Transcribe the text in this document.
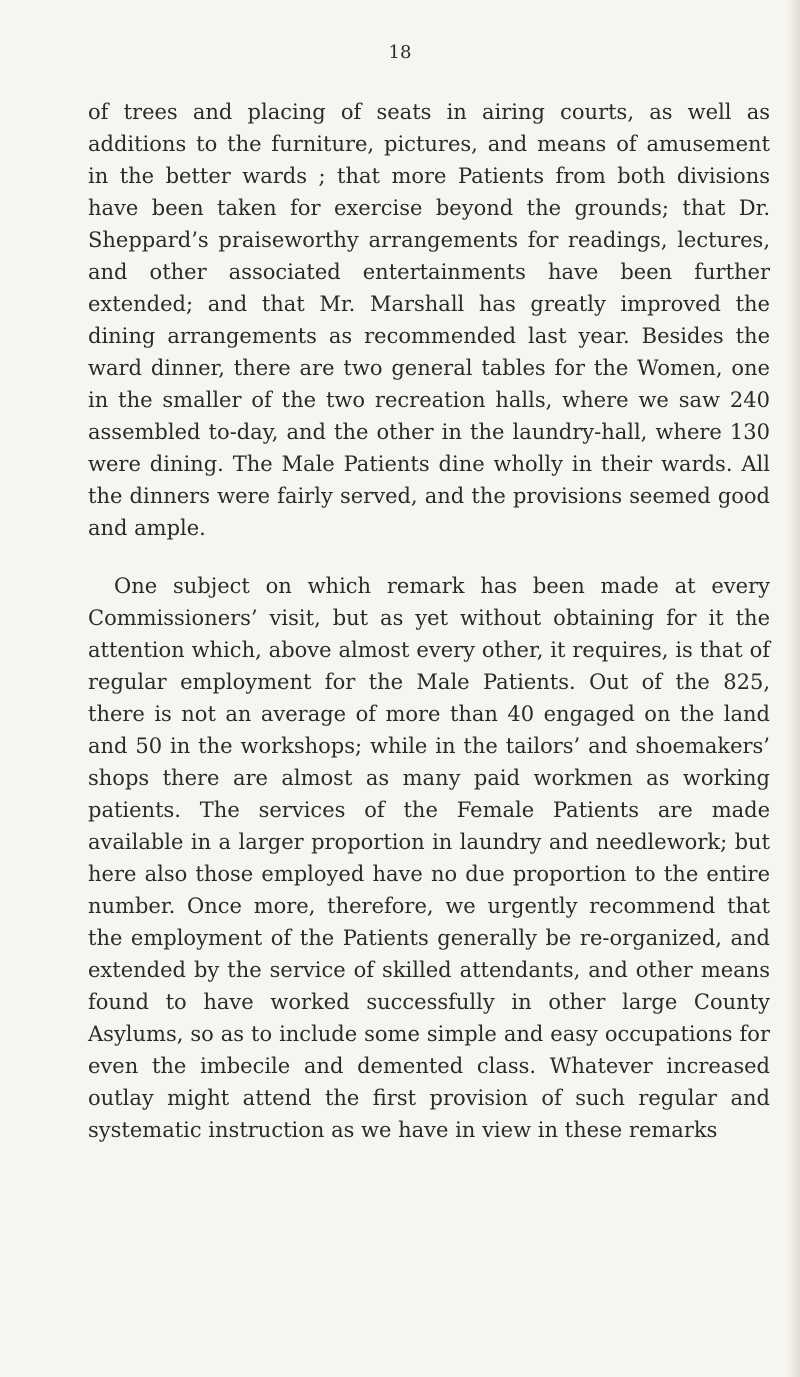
18

of trees and placing of seats in airing courts, as well as additions to the furniture, pictures, and means of amusement in the better wards ; that more Patients from both divisions have been taken for exercise beyond the grounds; that Dr. Sheppard’s praiseworthy arrangements for readings, lectures, and other associated entertainments have been further extended; and that Mr. Marshall has greatly improved the dining arrangements as recommended last year. Besides the ward dinner, there are two general tables for the Women, one in the smaller of the two recreation halls, where we saw 240 assembled to-day, and the other in the laundry-hall, where 130 were dining. The Male Patients dine wholly in their wards. All the dinners were fairly served, and the provisions seemed good and ample.

One subject on which remark has been made at every Commissioners’ visit, but as yet without obtaining for it the attention which, above almost every other, it requires, is that of regular employment for the Male Patients. Out of the 825, there is not an average of more than 40 engaged on the land and 50 in the workshops; while in the tailors’ and shoemakers’ shops there are almost as many paid workmen as working patients. The services of the Female Patients are made available in a larger proportion in laundry and needlework; but here also those employed have no due proportion to the entire number. Once more, therefore, we urgently recommend that the employment of the Patients generally be re-organized, and extended by the service of skilled attendants, and other means found to have worked successfully in other large County Asylums, so as to include some simple and easy occupations for even the imbecile and demented class. Whatever increased outlay might attend the first provision of such regular and systematic instruction as we have in view in these remarks
